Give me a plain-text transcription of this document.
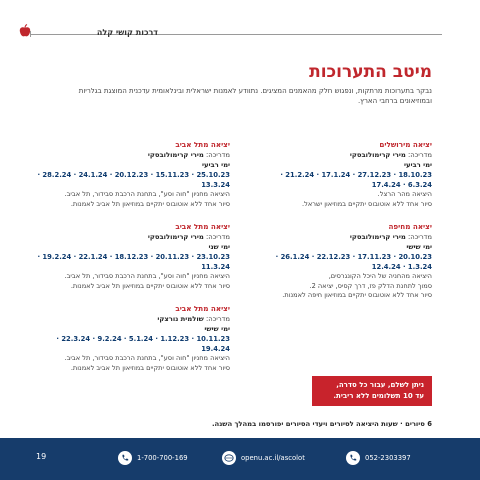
דרכות קושי קלה
מיטב התערוכות
נבקר בתערוכות מרתקות, ונפגוש חלק מהאמנים המציגים. נתוודע לאמנות ישראלית ובינלאומית עדכנית המוצגת בגלריות ובמוזיאונים ברחבי הארץ.
יציאה מירושלים
מדריכה: מירי קרימולובסקי
ימי רביעי
18.10.23 · 27.12.23 · 17.1.24 · 21.2.24 · 6.3.24 · 17.4.24
היציאה מהר הרצל.
סיור אחד ללא אוטובוס יתקיים במוזיאון ישראל.
יציאה מחיפה
מדריכה: מירי קרימולובסקי
ימי שישי
20.10.23 · 17.11.23 · 22.12.23 · 26.1.24 · 1.3.24 · 12.4.24
היציאה מהחניה של היכל הקונגרסים,
סמוך לתחנת הדלק פז, דרך קסיס, יציאה 2.
סיור אחד ללא אוטובוס יתקיים במוזיאון חיפה לאמנות.
יציאה מתל אביב
מדריכה: מירי קרימולובסקי
ימי רביעי
25.10.23 · 15.11.23 · 20.12.23 · 24.1.24 · 28.2.24 · 13.3.24
היציאה מחניון "חוה וסע", בתחנת הרכבת סבידור, תל אביב.
סיור אחד ללא אוטובוס יתקיים במוזיאון תל אביב לאמנות.
יציאה מתל אביב
מדריכה: מירי קרימולובסקי
ימי שני
23.10.23 · 20.11.23 · 18.12.23 · 22.1.24 · 19.2.24 · 11.3.24
היציאה מחניון "חוה וסע", בתחנת הרכבת סבידור, תל אביב.
סיור אחד ללא אוטובוס יתקיים במוזיאון תל אביב לאמנות.
יציאה מתל אביב
מדריכה: שולמית נורצקי
ימי שישי
10.11.23 · 1.12.23 · 5.1.24 · 9.2.24 · 22.3.24 · 19.4.24
היציאה מחניון "חוה וסע", בתחנת הרכבת סבידור, תל אביב.
סיור אחד ללא אוטובוס יתקיים במוזיאון תל אביב לאמנות.
ניתן לשלם, עבור כל סדרה,
עד 10 תשלומים ללא ריבית.
6 סיורים · שעות היציאה לסיורים ויעדי הסיורים יפורסמו במהלך השנה.
19	1-700-700-169	openu.ac.il/ascolot	052-2303397
